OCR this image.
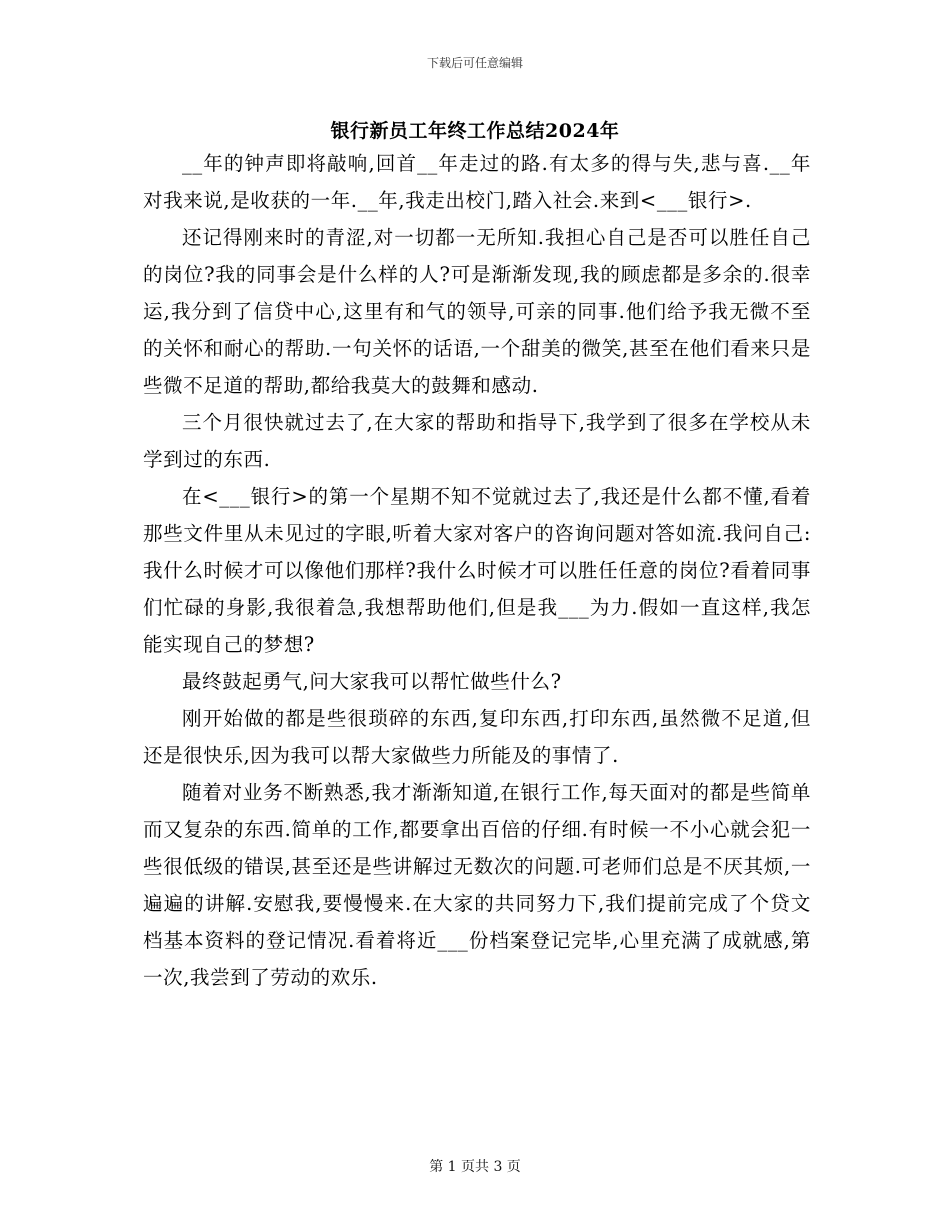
下载后可任意编辑
银行新员工年终工作总结2024年

__年的钟声即将敲响,回首__年走过的路.有太多的得与失,悲与喜.__年对我来说,是收获的一年.__年,我走出校门,踏入社会.来到<___银行>.

还记得刚来时的青涩,对一切都一无所知.我担心自己是否可以胜任自己的岗位?我的同事会是什么样的人?可是渐渐发现,我的顾虑都是多余的.很幸运,我分到了信贷中心,这里有和气的领导,可亲的同事.他们给予我无微不至的关怀和耐心的帮助.一句关怀的话语,一个甜美的微笑,甚至在他们看来只是些微不足道的帮助,都给我莫大的鼓舞和感动.

三个月很快就过去了,在大家的帮助和指导下,我学到了很多在学校从未学到过的东西.

在<___银行>的第一个星期不知不觉就过去了,我还是什么都不懂,看着那些文件里从未见过的字眼,听着大家对客户的咨询问题对答如流.我问自己:我什么时候才可以像他们那样?我什么时候才可以胜任任意的岗位?看着同事们忙碌的身影,我很着急,我想帮助他们,但是我___为力.假如一直这样,我怎能实现自己的梦想?

最终鼓起勇气,问大家我可以帮忙做些什么?

刚开始做的都是些很琐碎的东西,复印东西,打印东西,虽然微不足道,但还是很快乐,因为我可以帮大家做些力所能及的事情了.

随着对业务不断熟悉,我才渐渐知道,在银行工作,每天面对的都是些简单而又复杂的东西.简单的工作,都要拿出百倍的仔细.有时候一不小心就会犯一些很低级的错误,甚至还是些讲解过无数次的问题.可老师们总是不厌其烦,一遍遍的讲解.安慰我,要慢慢来.在大家的共同努力下,我们提前完成了个贷文档基本资料的登记情况.看着将近___份档案登记完毕,心里充满了成就感,第一次,我尝到了劳动的欢乐.

第 1 页共 3 页
